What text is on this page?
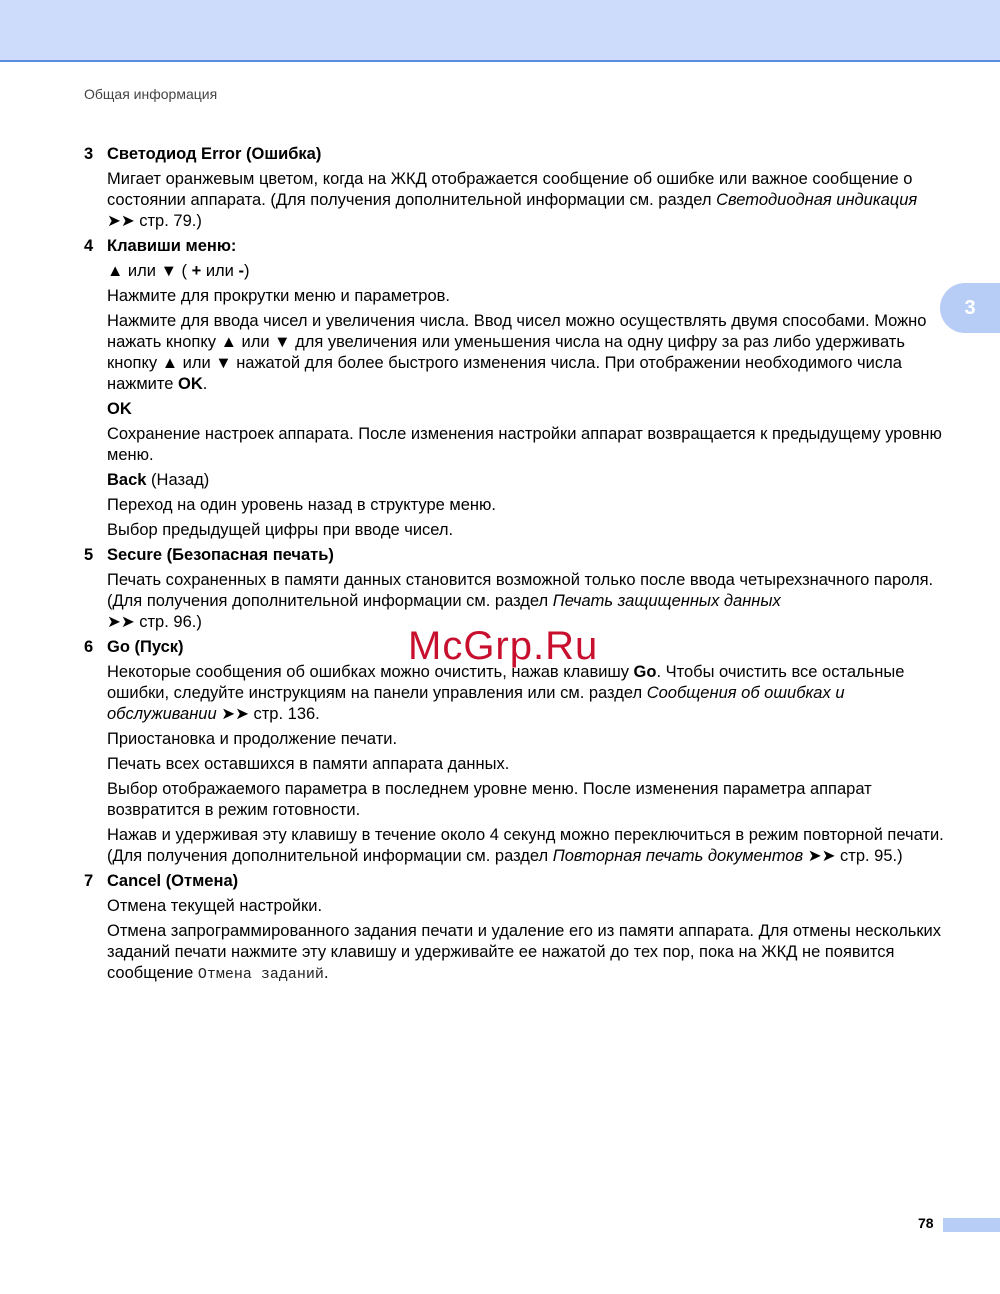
Общая информация
3
3 Светодиод Error (Ошибка)
Мигает оранжевым цветом, когда на ЖКД отображается сообщение об ошибке или важное сообщение о состоянии аппарата. (Для получения дополнительной информации см. раздел Светодиодная индикация ➤➤ стр. 79.)
4 Клавиши меню:
▲ или ▼ ( + или -)
Нажмите для прокрутки меню и параметров.
Нажмите для ввода чисел и увеличения числа. Ввод чисел можно осуществлять двумя способами. Можно нажать кнопку ▲ или ▼ для увеличения или уменьшения числа на одну цифру за раз либо удерживать кнопку ▲ или ▼ нажатой для более быстрого изменения числа. При отображении необходимого числа нажмите OK.
OK
Сохранение настроек аппарата. После изменения настройки аппарат возвращается к предыдущему уровню меню.
Back (Назад)
Переход на один уровень назад в структуре меню.
Выбор предыдущей цифры при вводе чисел.
5 Secure (Безопасная печать)
Печать сохраненных в памяти данных становится возможной только после ввода четырехзначного пароля. (Для получения дополнительной информации см. раздел Печать защищенных данных
➤➤ стр. 96.)
6 Go (Пуск)
Некоторые сообщения об ошибках можно очистить, нажав клавишу Go. Чтобы очистить все остальные ошибки, следуйте инструкциям на панели управления или см. раздел Сообщения об ошибках и обслуживании ➤➤ стр. 136.
Приостановка и продолжение печати.
Печать всех оставшихся в памяти аппарата данных.
Выбор отображаемого параметра в последнем уровне меню. После изменения параметра аппарат возвратится в режим готовности.
Нажав и удерживая эту клавишу в течение около 4 секунд можно переключиться в режим повторной печати. (Для получения дополнительной информации см. раздел Повторная печать документов ➤➤ стр. 95.)
7 Cancel (Отмена)
Отмена текущей настройки.
Отмена запрограммированного задания печати и удаление его из памяти аппарата. Для отмены нескольких заданий печати нажмите эту клавишу и удерживайте ее нажатой до тех пор, пока на ЖКД не появится сообщение Отмена заданий.
McGrp.Ru
78
